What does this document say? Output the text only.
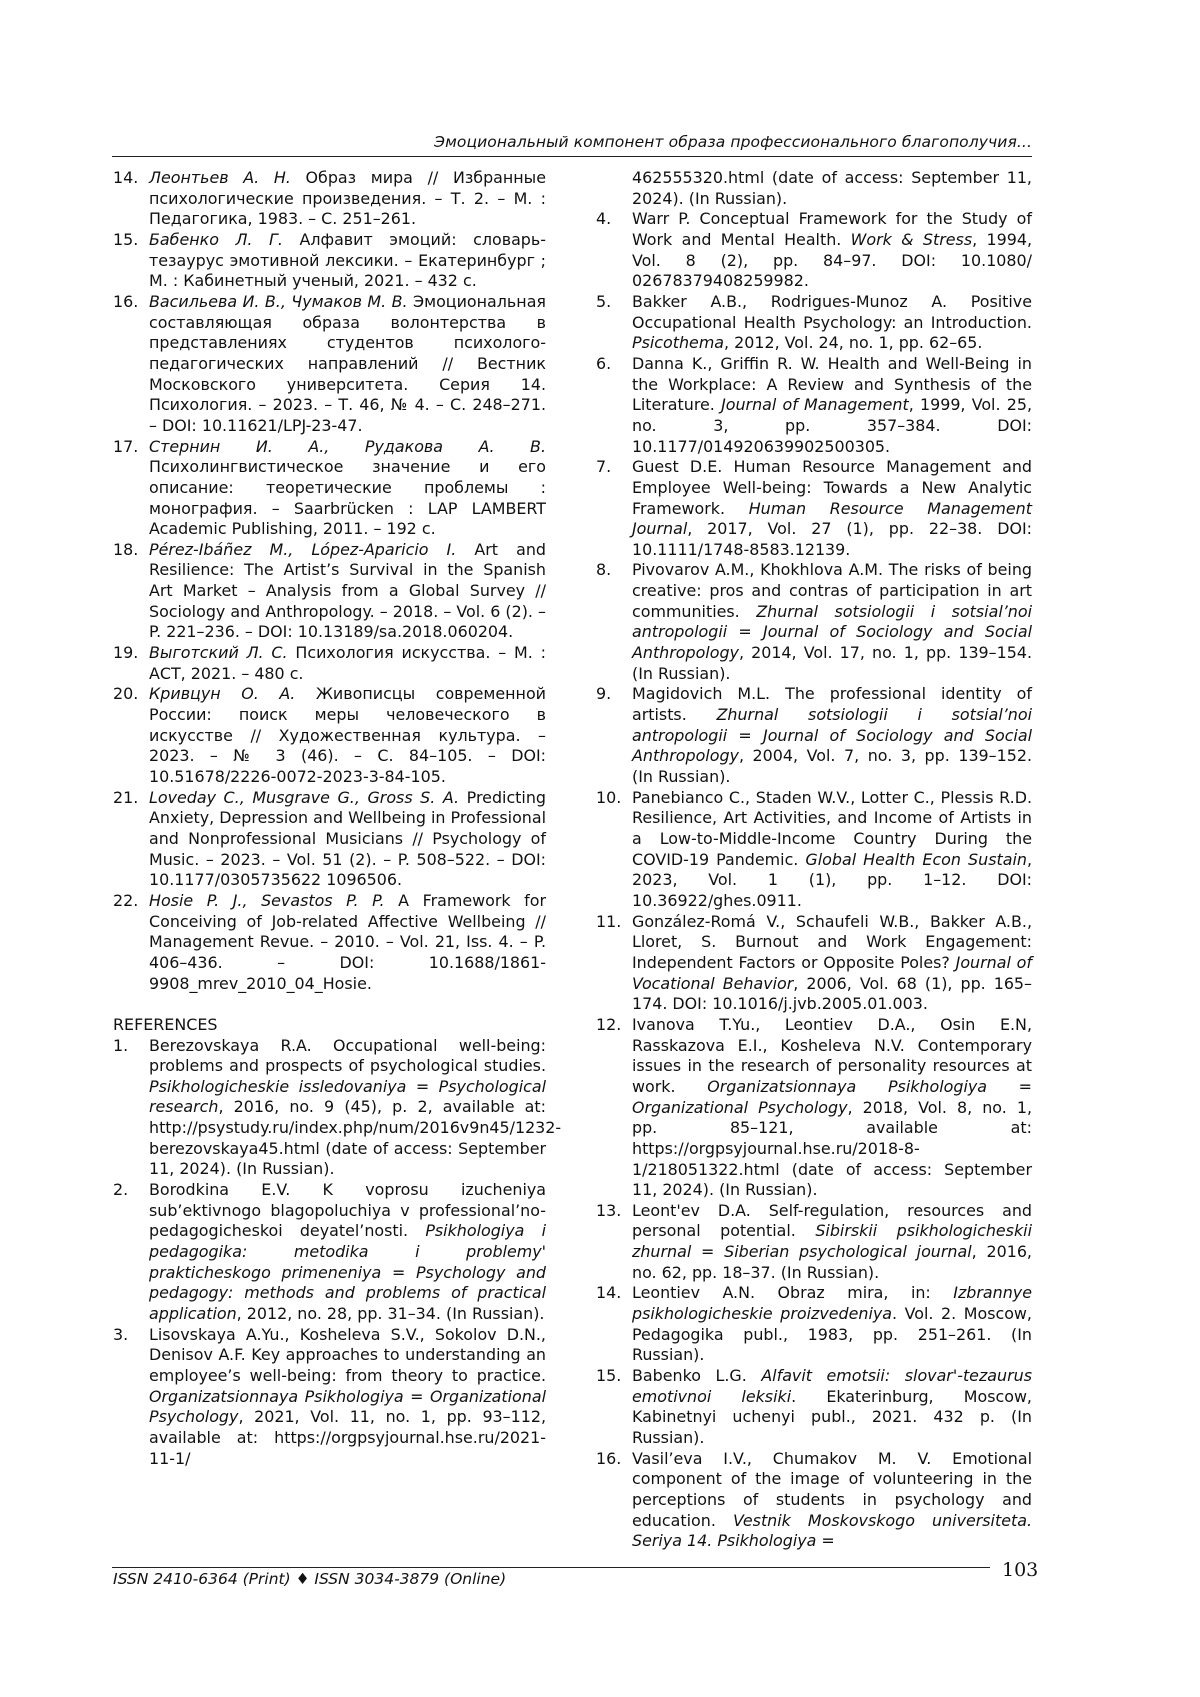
Эмоциональный компонент образа профессионального благополучия...
14. Леонтьев А. Н. Образ мира // Избранные психологические произведения. – Т. 2. – М. : Педагогика, 1983. – С. 251–261.
15. Бабенко Л. Г. Алфавит эмоций: словарь-тезаурус эмотивной лексики. – Екатеринбург ; М. : Кабинетный ученый, 2021. – 432 с.
16. Васильева И. В., Чумаков М. В. Эмоциональная составляющая образа волонтерства в представлениях студентов психолого-педагогических направлений // Вестник Московского университета. Серия 14. Психология. – 2023. – Т. 46, № 4. – С. 248–271. – DOI: 10.11621/LPJ-23-47.
17. Стернин И. А., Рудакова А. В. Психолингвистическое значение и его описание: теоретические проблемы : монография. – Saarbrücken : LAP LAMBERT Academic Publishing, 2011. – 192 с.
18. Pérez-Ibáñez M., López-Aparicio I. Art and Resilience: The Artist’s Survival in the Spanish Art Market – Analysis from a Global Survey // Sociology and Anthropology. – 2018. – Vol. 6 (2). – P. 221–236. – DOI: 10.13189/sa.2018.060204.
19. Выготский Л. С. Психология искусства. – М. : АСТ, 2021. – 480 с.
20. Кривцун О. А. Живописцы современной России: поиск меры человеческого в искусстве // Художественная культура. – 2023. – № 3 (46). – С. 84–105. – DOI: 10.51678/2226-0072-2023-3-84-105.
21. Loveday C., Musgrave G., Gross S. A. Predicting Anxiety, Depression and Wellbeing in Professional and Nonprofessional Musicians // Psychology of Music. – 2023. – Vol. 51 (2). – P. 508–522. – DOI: 10.1177/0305735622 1096506.
22. Hosie P. J., Sevastos P. P. A Framework for Conceiving of Job-related Affective Wellbeing // Management Revue. – 2010. – Vol. 21, Iss. 4. – P. 406–436. – DOI: 10.1688/1861-9908_mrev_2010_04_Hosie.
REFERENCES
1. Berezovskaya R.A. Occupational well-being: problems and prospects of psychological studies. Psikhologicheskie issledovaniya = Psychological research, 2016, no. 9 (45), p. 2, available at: http://psystudy.ru/index.php/num/2016v9n45/1232-berezovskaya45.html (date of access: September 11, 2024). (In Russian).
2. Borodkina E.V. K voprosu izucheniya sub’ektivnogo blagopoluchiya v professional’no-pedagogicheskoi deyatel’nosti. Psikhologiya i pedagogika: metodika i problemy' prakticheskogo primeneniya = Psychology and pedagogy: methods and problems of practical application, 2012, no. 28, pp. 31–34. (In Russian).
3. Lisovskaya A.Yu., Kosheleva S.V., Sokolov D.N., Denisov A.F. Key approaches to understanding an employee’s well-being: from theory to practice. Organizatsionnaya Psikhologiya = Organizational Psychology, 2021, Vol. 11, no. 1, pp. 93–112, available at: https://orgpsyjournal.hse.ru/2021-11-1/
462555320.html (date of access: September 11, 2024). (In Russian).
4. Warr P. Conceptual Framework for the Study of Work and Mental Health. Work & Stress, 1994, Vol. 8 (2), pp. 84–97. DOI: 10.1080/ 02678379408259982.
5. Bakker A.B., Rodrigues-Munoz A. Positive Occupational Health Psychology: an Introduction. Psicothema, 2012, Vol. 24, no. 1, pp. 62–65.
6. Danna K., Griffin R. W. Health and Well-Being in the Workplace: A Review and Synthesis of the Literature. Journal of Management, 1999, Vol. 25, no. 3, pp. 357–384. DOI: 10.1177/014920639902500305.
7. Guest D.E. Human Resource Management and Employee Well-being: Towards a New Analytic Framework. Human Resource Management Journal, 2017, Vol. 27 (1), pp. 22–38. DOI: 10.1111/1748-8583.12139.
8. Pivovarov A.M., Khokhlova A.M. The risks of being creative: pros and contras of participation in art communities. Zhurnal sotsiologii i sotsial’noi antropologii = Journal of Sociology and Social Anthropology, 2014, Vol. 17, no. 1, pp. 139–154. (In Russian).
9. Magidovich M.L. The professional identity of artists. Zhurnal sotsiologii i sotsial’noi antropologii = Journal of Sociology and Social Anthropology, 2004, Vol. 7, no. 3, pp. 139–152. (In Russian).
10. Panebianco C., Staden W.V., Lotter C., Plessis R.D. Resilience, Art Activities, and Income of Artists in a Low-to-Middle-Income Country During the COVID-19 Pandemic. Global Health Econ Sustain, 2023, Vol. 1 (1), pp. 1–12. DOI: 10.36922/ghes.0911.
11. González-Romá V., Schaufeli W.B., Bakker A.B., Lloret, S. Burnout and Work Engagement: Independent Factors or Opposite Poles? Journal of Vocational Behavior, 2006, Vol. 68 (1), pp. 165–174. DOI: 10.1016/j.jvb.2005.01.003.
12. Ivanova T.Yu., Leontiev D.A., Osin E.N, Rasskazova E.I., Kosheleva N.V. Contemporary issues in the research of personality resources at work. Organizatsionnaya Psikhologiya = Organizational Psychology, 2018, Vol. 8, no. 1, pp. 85–121, available at: https://orgpsyjournal.hse.ru/2018-8-1/218051322.html (date of access: September 11, 2024). (In Russian).
13. Leont'ev D.A. Self-regulation, resources and personal potential. Sibirskii psikhologicheskii zhurnal = Siberian psychological journal, 2016, no. 62, pp. 18–37. (In Russian).
14. Leontiev A.N. Obraz mira, in: Izbrannye psikhologicheskie proizvedeniya. Vol. 2. Moscow, Pedagogika publ., 1983, pp. 251–261. (In Russian).
15. Babenko L.G. Alfavit emotsii: slovar'-tezaurus emotivnoi leksiki. Ekaterinburg, Moscow, Kabinetnyi uchenyi publ., 2021. 432 p. (In Russian).
16. Vasil’eva I.V., Chumakov M. V. Emotional component of the image of volunteering in the perceptions of students in psychology and education. Vestnik Moskovskogo universiteta. Seriya 14. Psikhologiya =
ISSN 2410-6364 (Print) ♦ ISSN 3034-3879 (Online)	103
